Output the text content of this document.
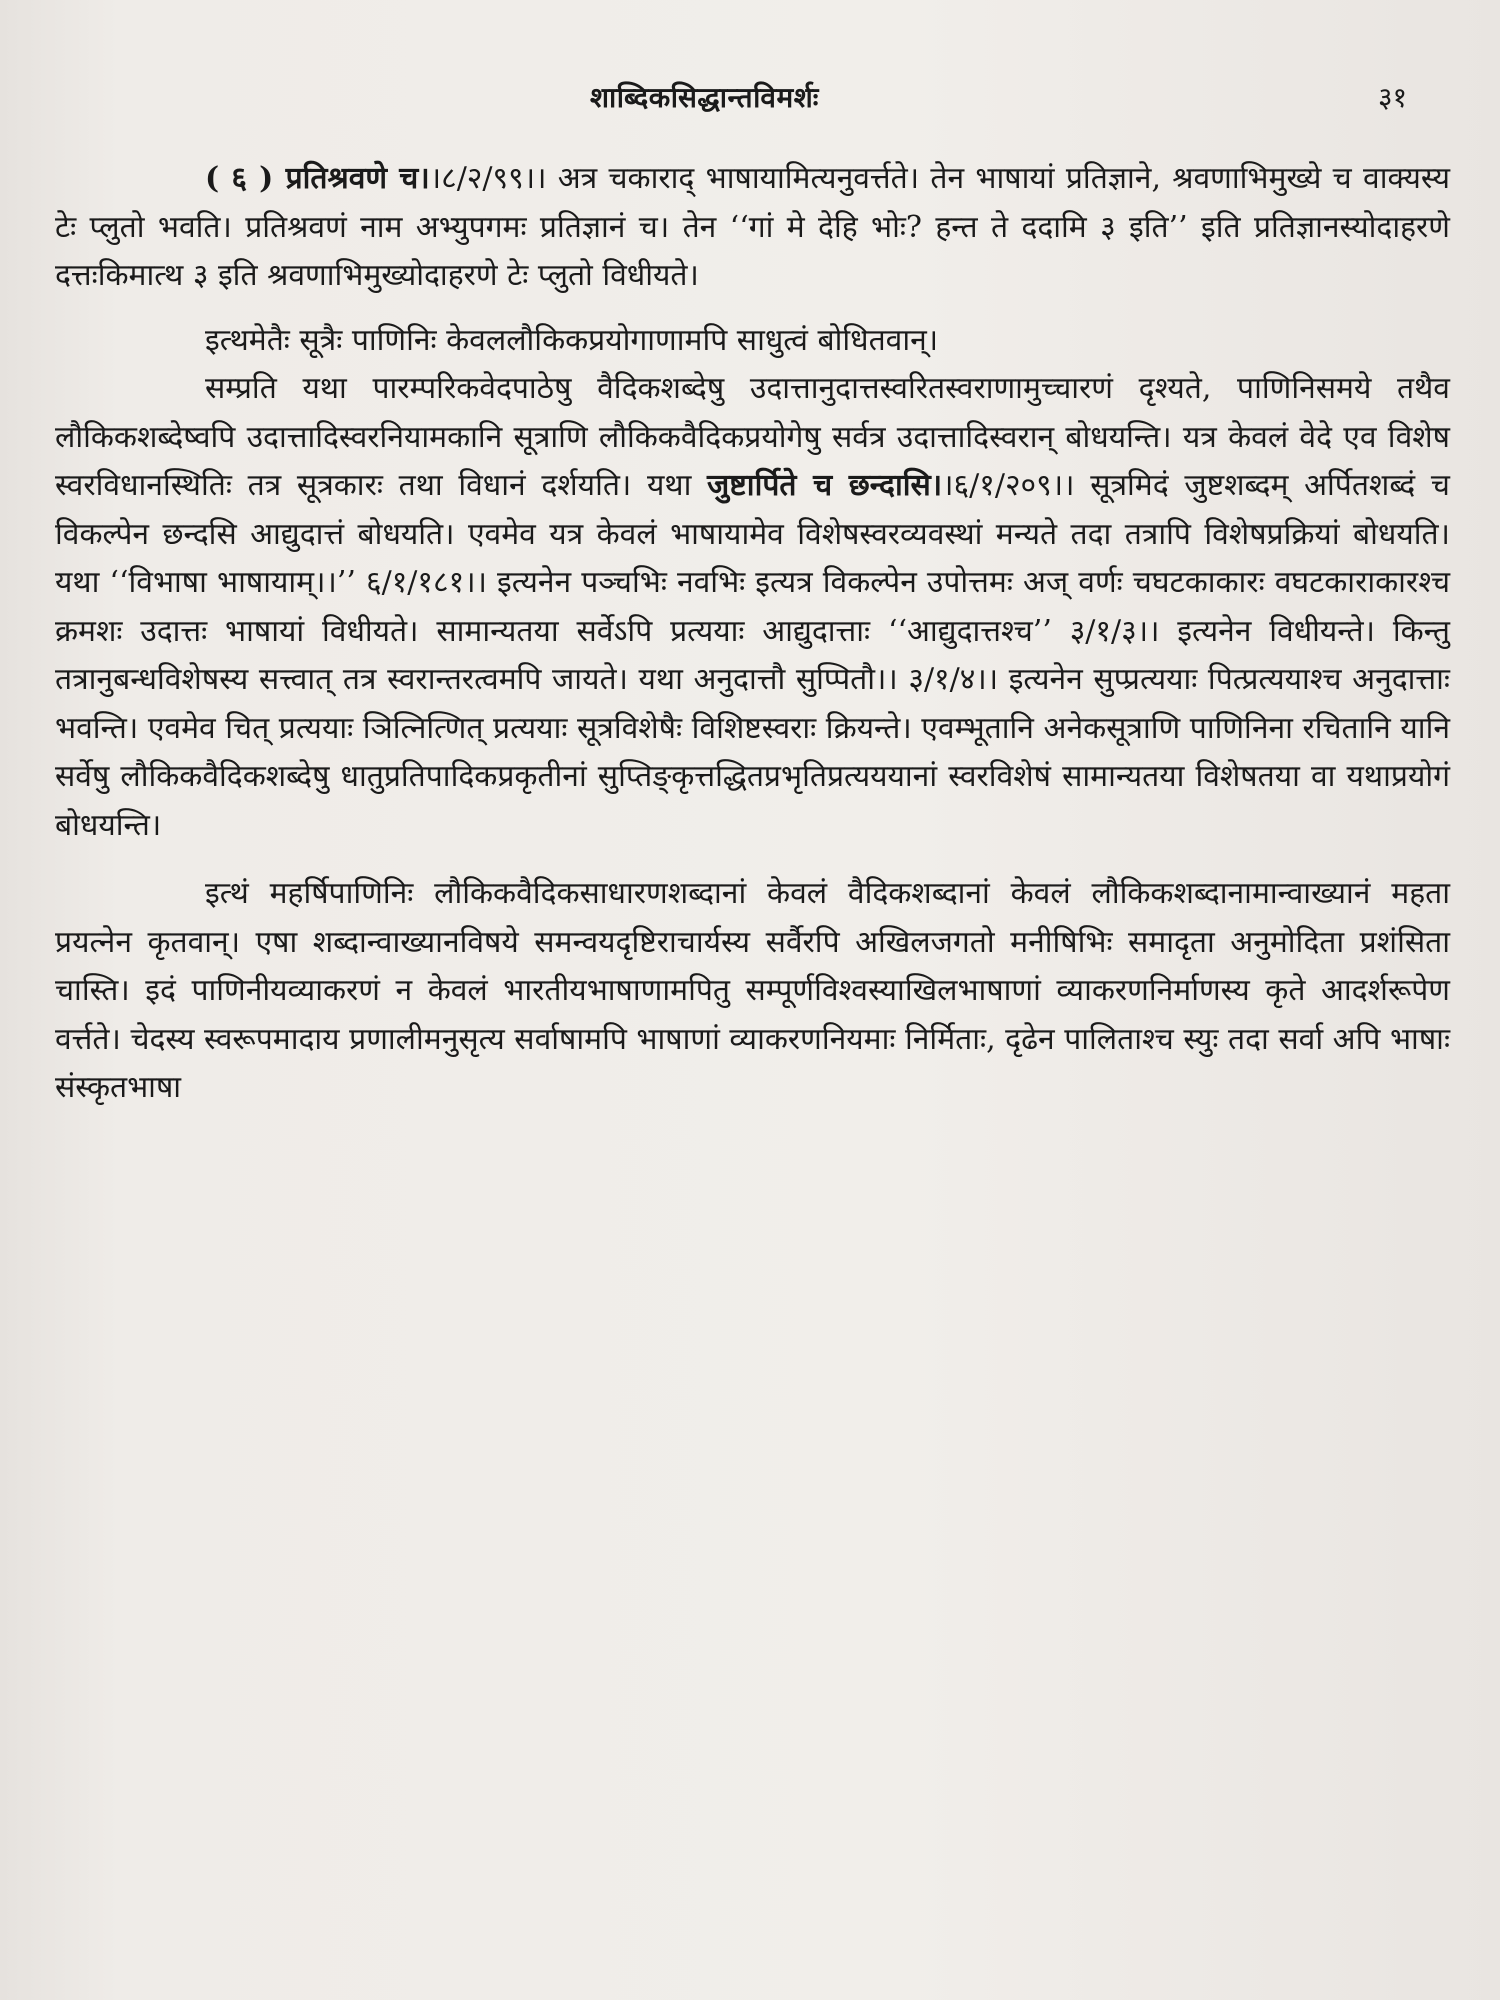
शाब्दिकसिद्धान्तविमर्शः	३१

( ६ ) प्रतिश्रवणे च।।८/२/९९।। अत्र चकाराद् भाषायामित्यनुवर्त्तते। तेन भाषायां प्रतिज्ञाने, श्रवणाभिमुख्ये च वाक्यस्य टेः प्लुतो भवति। प्रतिश्रवणं नाम अभ्युपगमः प्रतिज्ञानं च। तेन ‘‘गां मे देहि भोः? हन्त ते ददामि ३ इति’’ इति प्रतिज्ञानस्योदाहरणे दत्तःकिमात्थ ३ इति श्रवणाभिमुख्योदाहरणे टेः प्लुतो विधीयते।

इत्थमेतैः सूत्रैः पाणिनिः केवललौकिकप्रयोगाणामपि साधुत्वं बोधितवान्।

सम्प्रति यथा पारम्परिकवेदपाठेषु वैदिकशब्देषु उदात्तानुदात्तस्वरितस्वराणामुच्चारणं दृश्यते, पाणिनिसमये तथैव लौकिकशब्देष्वपि उदात्तादिस्वरनियामकानि सूत्राणि लौकिकवैदिकप्रयोगेषु सर्वत्र उदात्तादिस्वरान् बोधयन्ति। यत्र केवलं वेदे एव विशेष स्वरविधानस्थितिः तत्र सूत्रकारः तथा विधानं दर्शयति। यथा जुष्टार्पिते च छन्दासि।।६/१/२०९।। सूत्रमिदं जुष्टशब्दम् अर्पितशब्दं च विकल्पेन छन्दसि आद्युदात्तं बोधयति। एवमेव यत्र केवलं भाषायामेव विशेषस्वरव्यवस्थां मन्यते तदा तत्रापि विशेषप्रक्रियां बोधयति। यथा ‘‘विभाषा भाषायाम्।।’’ ६/१/१८१।। इत्यनेन पञ्चभिः नवभिः इत्यत्र विकल्पेन उपोत्तमः अज् वर्णः चघटकाकारः वघटकाराकारश्च क्रमशः उदात्तः भाषायां विधीयते। सामान्यतया सर्वेऽपि प्रत्ययाः आद्युदात्ताः ‘‘आद्युदात्तश्च’’ ३/१/३।। इत्यनेन विधीयन्ते। किन्तु तत्रानुबन्धविशेषस्य सत्त्वात् तत्र स्वरान्तरत्वमपि जायते। यथा अनुदात्तौ सुप्पितौ।। ३/१/४।। इत्यनेन सुप्प्रत्ययाः पित्प्रत्ययाश्च अनुदात्ताः भवन्ति। एवमेव चित् प्रत्ययाः ञित्नित्णित् प्रत्ययाः सूत्रविशेषैः विशिष्टस्वराः क्रियन्ते। एवम्भूतानि अनेकसूत्राणि पाणिनिना रचितानि यानि सर्वेषु लौकिकवैदिकशब्देषु धातुप्रतिपादिकप्रकृतीनां सुप्तिङ्कृत्तद्धितप्रभृतिप्रत्यययानां स्वरविशेषं सामान्यतया विशेषतया वा यथाप्रयोगं बोधयन्ति।

इत्थं महर्षिपाणिनिः लौकिकवैदिकसाधारणशब्दानां केवलं वैदिकशब्दानां केवलं लौकिकशब्दानामान्वाख्यानं महता प्रयत्नेन कृतवान्। एषा शब्दान्वाख्यानविषये समन्वयदृष्टिराचार्यस्य सर्वैरपि अखिलजगतो मनीषिभिः समादृता अनुमोदिता प्रशंसिता चास्ति। इदं पाणिनीयव्याकरणं न केवलं भारतीयभाषाणामपितु सम्पूर्णविश्वस्याखिलभाषाणां व्याकरणनिर्माणस्य कृते आदर्शरूपेण वर्त्तते। चेदस्य स्वरूपमादाय प्रणालीमनुसृत्य सर्वाषामपि भाषाणां व्याकरणनियमाः निर्मिताः, दृढेन पालिताश्च स्युः तदा सर्वा अपि भाषाः संस्कृतभाषा
